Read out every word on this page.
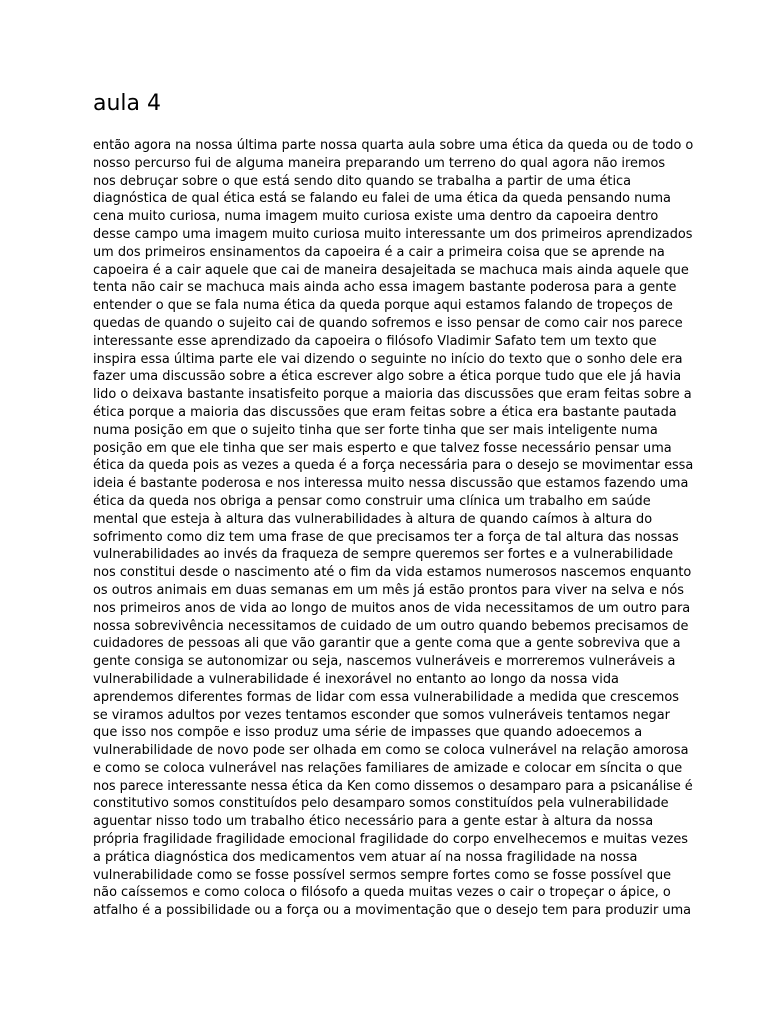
aula 4
então agora na nossa última parte nossa quarta aula sobre uma ética da queda ou de todo o
nosso percurso fui de alguma maneira preparando um terreno do qual agora não iremos
nos debruçar sobre o que está sendo dito quando se trabalha a partir de uma ética
diagnóstica de qual ética está se falando eu falei de uma ética da queda pensando numa
cena muito curiosa, numa imagem muito curiosa existe uma dentro da capoeira dentro
desse campo uma imagem muito curiosa muito interessante um dos primeiros aprendizados
um dos primeiros ensinamentos da capoeira é a cair a primeira coisa que se aprende na
capoeira é a cair aquele que cai de maneira desajeitada se machuca mais ainda aquele que
tenta não cair se machuca mais ainda acho essa imagem bastante poderosa para a gente
entender o que se fala numa ética da queda porque aqui estamos falando de tropeços de
quedas de quando o sujeito cai de quando sofremos e isso pensar de como cair nos parece
interessante esse aprendizado da capoeira o filósofo Vladimir Safato tem um texto que
inspira essa última parte ele vai dizendo o seguinte no início do texto que o sonho dele era
fazer uma discussão sobre a ética escrever algo sobre a ética porque tudo que ele já havia
lido o deixava bastante insatisfeito porque a maioria das discussões que eram feitas sobre a
ética porque a maioria das discussões que eram feitas sobre a ética era bastante pautada
numa posição em que o sujeito tinha que ser forte tinha que ser mais inteligente numa
posição em que ele tinha que ser mais esperto e que talvez fosse necessário pensar uma
ética da queda pois as vezes a queda é a força necessária para o desejo se movimentar essa
ideia é bastante poderosa e nos interessa muito nessa discussão que estamos fazendo uma
ética da queda nos obriga a pensar como construir uma clínica um trabalho em saúde
mental que esteja à altura das vulnerabilidades à altura de quando caímos à altura do
sofrimento como diz tem uma frase de que precisamos ter a força de tal altura das nossas
vulnerabilidades ao invés da fraqueza de sempre queremos ser fortes e a vulnerabilidade
nos constitui desde o nascimento até o fim da vida estamos numerosos nascemos enquanto
os outros animais em duas semanas em um mês já estão prontos para viver na selva e nós
nos primeiros anos de vida ao longo de muitos anos de vida necessitamos de um outro para
nossa sobrevivência necessitamos de cuidado de um outro quando bebemos precisamos de
cuidadores de pessoas ali que vão garantir que a gente coma que a gente sobreviva que a
gente consiga se autonomizar ou seja, nascemos vulneráveis e morreremos vulneráveis a
vulnerabilidade a vulnerabilidade é inexorável no entanto ao longo da nossa vida
aprendemos diferentes formas de lidar com essa vulnerabilidade a medida que crescemos
se viramos adultos por vezes tentamos esconder que somos vulneráveis tentamos negar
que isso nos compõe e isso produz uma série de impasses que quando adoecemos a
vulnerabilidade de novo pode ser olhada em como se coloca vulnerável na relação amorosa
e como se coloca vulnerável nas relações familiares de amizade e colocar em síncita o que
nos parece interessante nessa ética da Ken como dissemos o desamparo para a psicanálise é
constitutivo somos constituídos pelo desamparo somos constituídos pela vulnerabilidade
aguentar nisso todo um trabalho ético necessário para a gente estar à altura da nossa
própria fragilidade fragilidade emocional fragilidade do corpo envelhecemos e muitas vezes
a prática diagnóstica dos medicamentos vem atuar aí na nossa fragilidade na nossa
vulnerabilidade como se fosse possível sermos sempre fortes como se fosse possível que
não caíssemos e como coloca o filósofo a queda muitas vezes o cair o tropeçar o ápice, o
atfalho é a possibilidade ou a força ou a movimentação que o desejo tem para produzir uma
